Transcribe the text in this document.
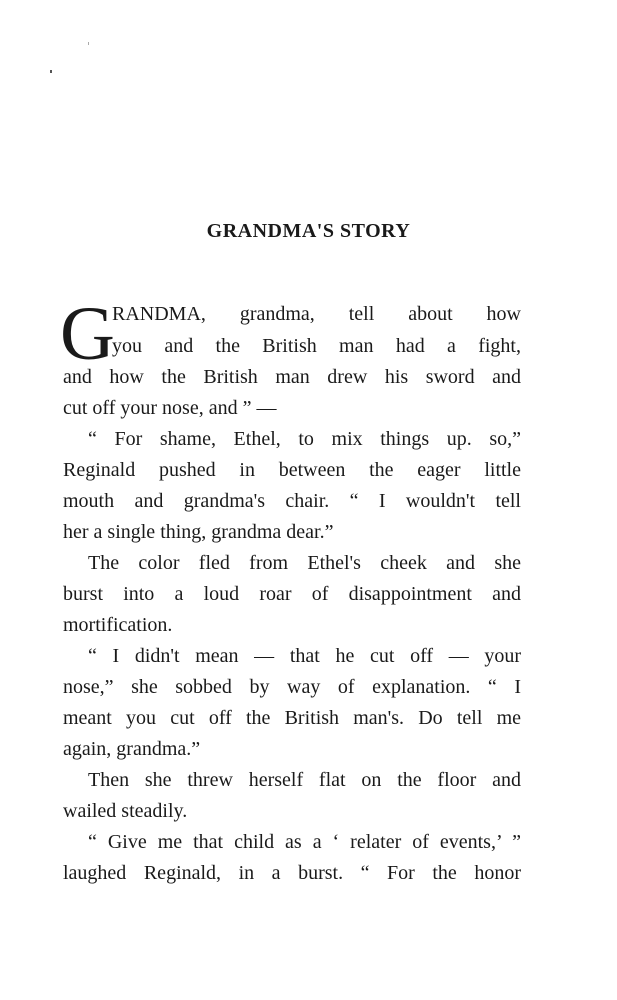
GRANDMA'S STORY
G
RANDMA, grandma, tell about how
you and the British man had a fight,
and how the British man drew his sword and
cut off your nose, and ” —
“ For shame, Ethel, to mix things up. so,”
Reginald pushed in between the eager little
mouth and grandma's chair. “ I wouldn't tell
her a single thing, grandma dear.”
The color fled from Ethel's cheek and she
burst into a loud roar of disappointment and
mortification.
“ I didn't mean — that he cut off — your
nose,” she sobbed by way of explanation. “ I
meant you cut off the British man's. Do tell me
again, grandma.”
Then she threw herself flat on the floor and
wailed steadily.
“ Give me that child as a ‘ relater of events,’ ”
laughed Reginald, in a burst. “ For the honor
